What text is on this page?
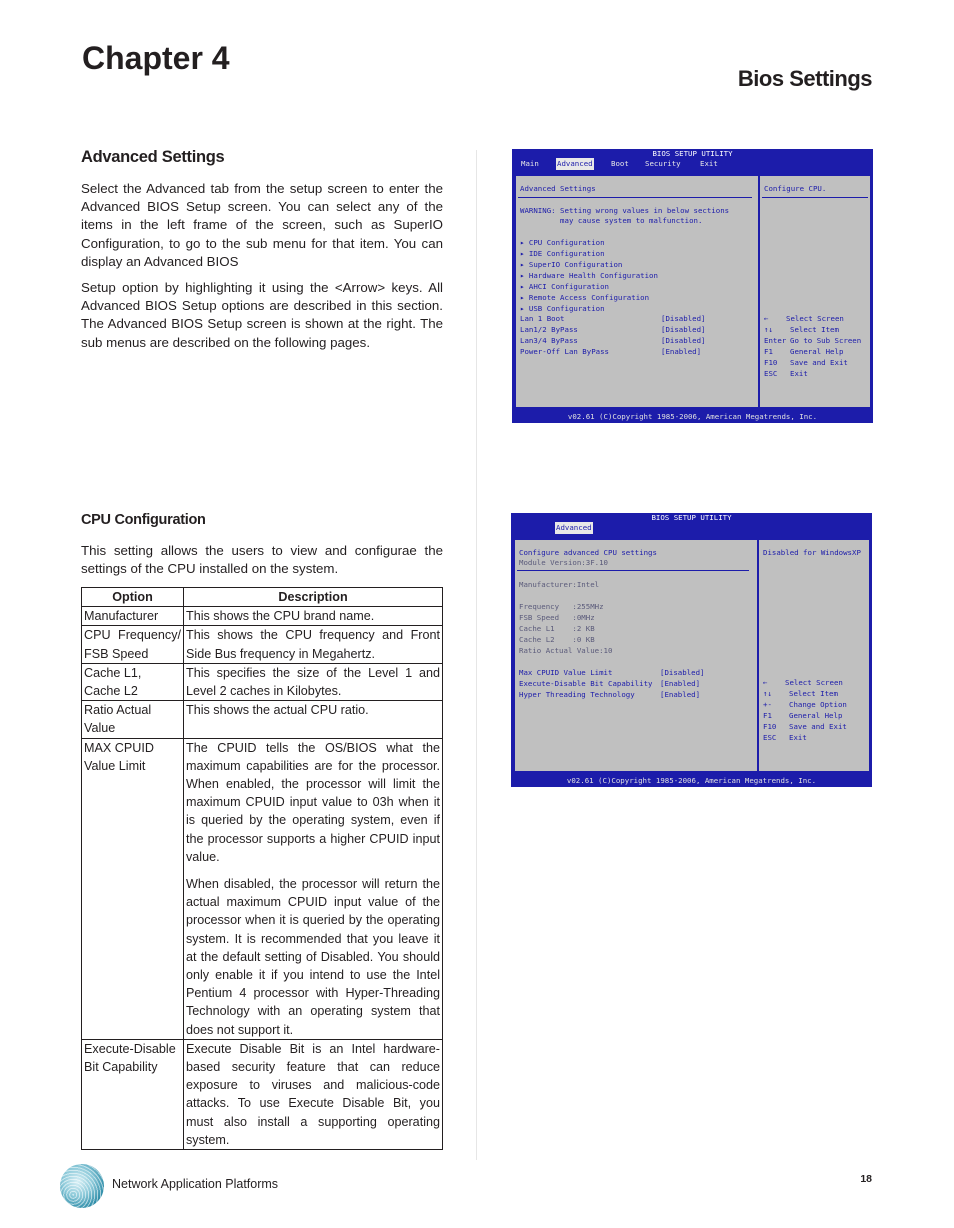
Chapter 4
Bios Settings
Advanced Settings
Select the Advanced tab from the setup screen to enter the Advanced BIOS Setup screen. You can select any of the items in the left frame of the screen, such as SuperIO Configuration, to go to the sub menu for that item. You can display an Advanced BIOS
Setup option by highlighting it using the <Arrow> keys. All Advanced BIOS Setup options are described in this section. The Advanced BIOS Setup screen is shown at the right. The sub menus are described on the following pages.
BIOS SETUP UTILITY
Main Advanced Boot Security	Exit
Advanced Settings
WARNING: Setting wrong values in below sections
may cause system to malfunction.
▸ CPU Configuration
▸ IDE Configuration
▸ SuperIO Configuration
▸ Hardware Health Configuration
▸ AHCI Configuration
▸ Remote Access Configuration
▸ USB Configuration
Lan 1 Boot	[Disabled]
Lan1/2 ByPass	[Disabled]
Lan3/4 ByPass	[Disabled]
Power-Off Lan ByPass	[Enabled]
Configure CPU.
← Select Screen
↑↓ Select Item
Enter Go to Sub Screen
F1 General Help
F10 Save and Exit
ESC Exit
v02.61 (C)Copyright 1985-2006, American Megatrends, Inc.
CPU Configuration
This setting allows the users to view and configurae the settings of the CPU installed on the system.
Option	Description
Manufacturer	This shows the CPU brand name.
CPU Frequency/ FSB Speed	This shows the CPU frequency and Front Side Bus frequency in Megahertz.
Cache L1, Cache L2	This specifies the size of the Level 1 and Level 2 caches in Kilobytes.
Ratio Actual Value	This shows the actual CPU ratio.
MAX CPUID Value Limit	The CPUID tells the OS/BIOS what the maximum capabilities are for the processor. When enabled, the processor will limit the maximum CPUID input value to 03h when it is queried by the operating system, even if the processor supports a higher CPUID input value.

When disabled, the processor will return the actual maximum CPUID input value of the processor when it is queried by the operating system. It is recommended that you leave it at the default setting of Disabled. You should only enable it if you intend to use the Intel Pentium 4 processor with Hyper-Threading Technology with an operating system that does not support it.

Execute-Disable Bit Capability	Execute Disable Bit is an Intel hardware-based security feature that can reduce exposure to viruses and malicious-code attacks. To use Execute Disable Bit, you must also install a supporting operating system.
BIOS SETUP UTILITY
Advanced
Configure advanced CPU settings
Module Version:3F.10
Manufacturer:Intel
Frequency   :255MHz
FSB Speed   :0MHz
Cache L1    :2 KB
Cache L2    :0 KB
Ratio Actual Value:10
Max CPUID Value Limit	[Disabled]
Execute-Disable Bit Capability [Enabled]
Hyper Threading Technology	[Enabled]
Disabled for WindowsXP
← Select Screen
↑↓ Select Item
+- Change Option
F1 General Help
F10 Save and Exit
ESC Exit
v02.61 (C)Copyright 1985-2006, American Megatrends, Inc.
Network Application Platforms	18
